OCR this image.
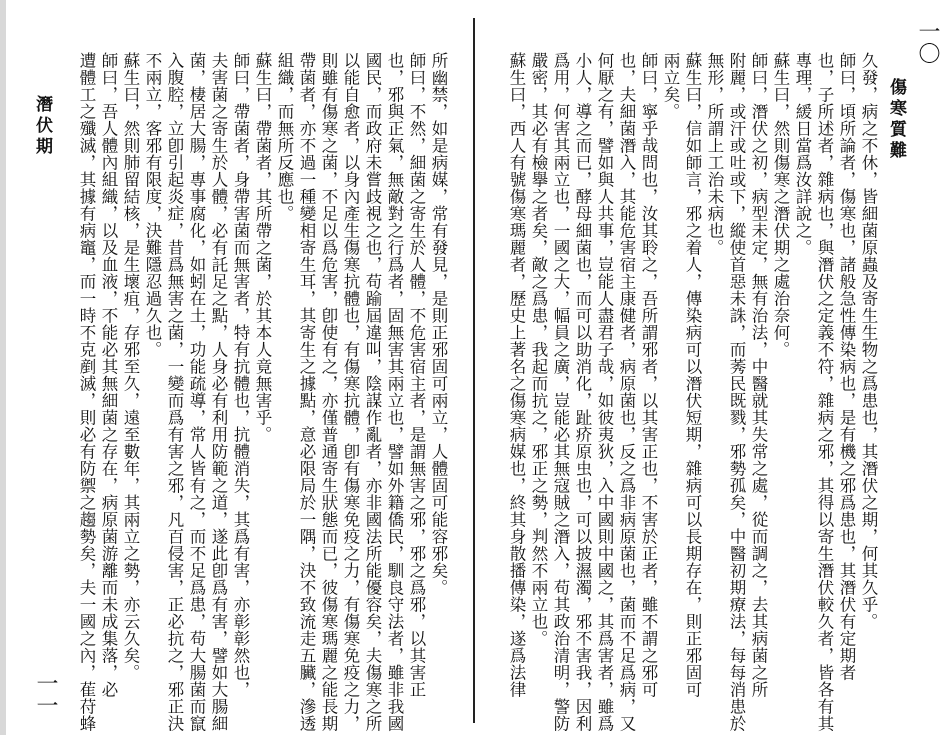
傷寒質難
一〇
久發，病之不休，皆細菌原蟲及寄生生物之爲患也，其潛伏之期，何其久乎。
師曰，頃所論者，傷寒也，諸般急性傳染病也，是有機之邪爲患也，其潛伏有定期者
也，子所述者，雜病也，與潛伏之定義不符，雜病之邪，其得以寄生潛伏較久者，皆各有其
專理，緩日當爲汝詳說之。
蘇生曰，然則傷寒之潛伏期之處治奈何。
師曰，潛伏之初，病型未定，無有治法，中醫就其失常之處，從而調之，去其病菌之所
附麗，或汗或吐或下，縱使首惡未誅，而莠民既戮，邪勢孤矣，中醫初期療法，每每消患於
無形，所謂上工治未病也。
蘇生曰，信如師言，邪之着人，傳染病可以潛伏短期，雜病可以長期存在，則正邪固可
兩立矣。
師曰，寧乎哉問也，汝其聆之，吾所謂邪者，以其害正也，不害於正者，雖不謂之邪可
也，夫細菌潛入，其能危害宿主康健者，病原菌也，反之爲非病原菌也，菌而不足爲病，又
何厭之有，譬如與人共事，豈能人盡君子哉，如彼夷狄，入中國則中國之，其爲害者，雖爲
小人，導之而已，酵母細菌也，而可以助消化，趾疥原虫也，可以披濕濁，邪不害我，因利
爲用，何害其兩立也，一國之大，幅員之廣，豈能必其無寇賊之潛入，苟其政治清明，警防
嚴密，其必有檢擧之者矣，敵之爲患，我起而抗之，邪正之勢，判然不兩立也。
蘇生曰，西人有號傷寒瑪麗者，歷史上著名之傷寒病媒也，終其身散播傳染，遂爲法律
潛伏期
一一
所幽禁，如是病媒，常有發見，是則正邪固可兩立，人體固可能容邪矣。
師曰，不然，細菌之寄生於人體，不危害宿主者，是謂無害之邪，邪之爲邪，以其害正
也，邪與正氣，無敵對之行爲者，固無害其兩立也，譬如外籍僑民，馴良守法者，雖非我國
國民，而政府未嘗歧視之也，苟踰屆違叫，陰謀作亂者，亦非國法所能優容矣，夫傷寒之所
以能自愈者，以身內產生傷寒抗體也，有傷寒抗體，卽有傷寒免疫之力，有傷寒免疫之力，
則雖有傷寒之菌，不足以爲危害，卽使有之，亦僅普通寄生狀態而已，彼傷寒瑪麗之能長期
帶菌者，亦不過一種變相寄生耳，其寄生之據點，意必限局於一隅，決不致流走五臟，滲透
組織，而無所反應也。
蘇生曰，帶菌者，其所帶之菌，於其本人竟無害乎。
師曰，帶菌者，身帶害菌而無害者，特有抗體也，抗體消失，其爲有害，亦彰彰然也，
夫害菌之寄生於人體，必有託足之點，人身必有利用防範之道，遂此卽爲有害，譬如大腸細
菌，棲居大腸，專事腐化，如蚓在土，功能疏導，常人皆有之，而不足爲患，苟大腸菌而竄
入腹腔，立卽引起炎症，昔爲無害之菌，一變而爲有害之邪，凡百侵害，正必抗之，邪正決
不兩立，客邪有限度，決難隱忍過久也。
蘇生曰，然則肺留結核，是生壞疽，存邪至久，遠至數年，其兩立之勢，亦云久矣。
師曰，吾人體內組織，以及血液，不能必其無細菌之存在，病原菌游離而未成集落，必
遭體工之殲滅，其據有病竈，而一時不克剷滅，則必有防禦之趨勢矣，夫一國之內，萑苻蜂
